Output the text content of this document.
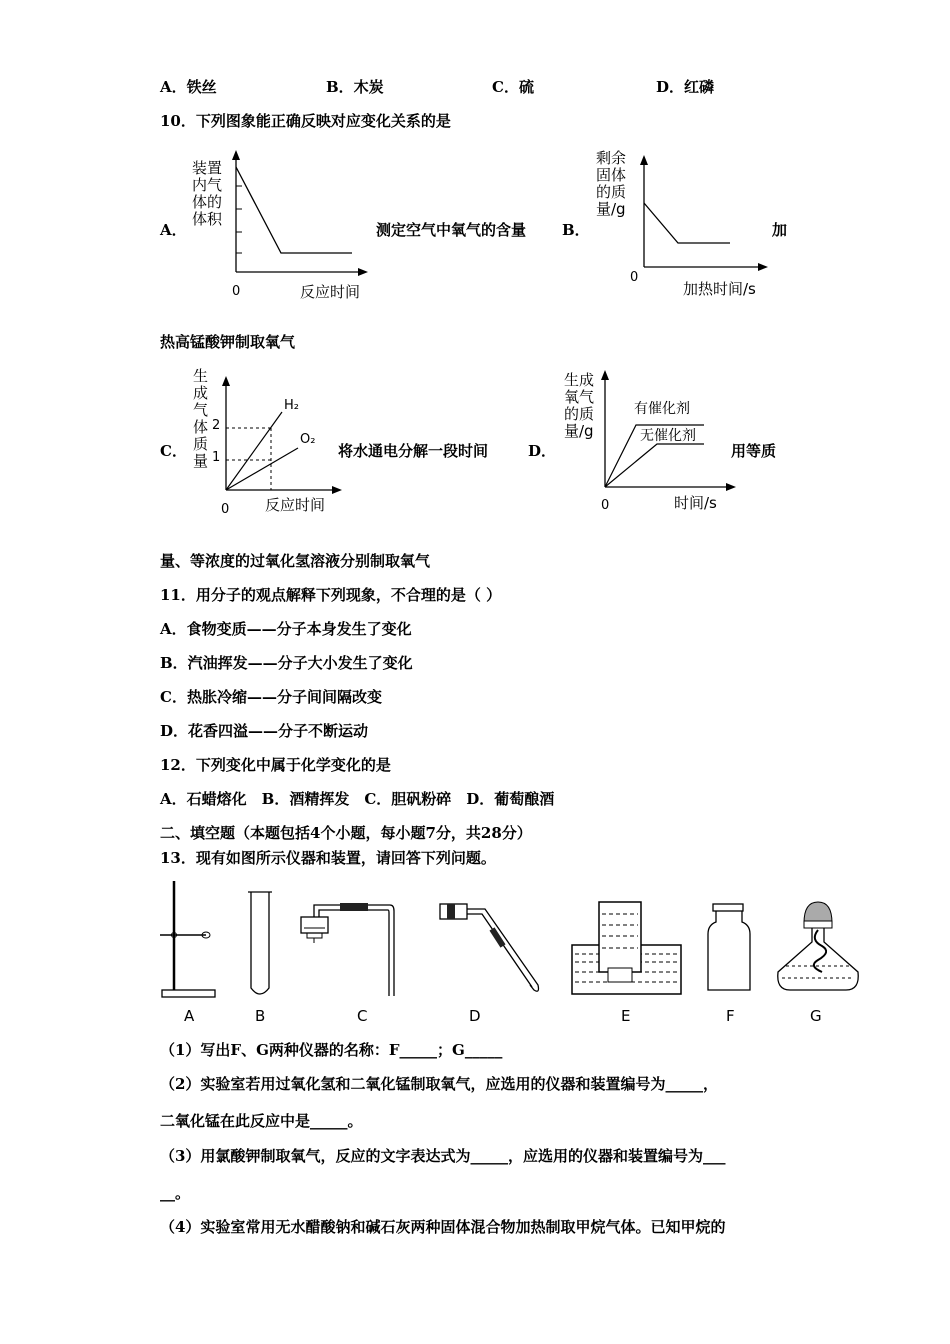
A．铁丝	B．木炭	C．硫	D．红磷
10．下列图象能正确反映对应变化关系的是
A．
装置
内气
体的
体积
0	反应时间
测定空气中氧气的含量 B．
剩余
固体
的质
量/g
0
加热时间/s
加
热高锰酸钾制取氧气
C．
生
成
气
体
质
量
2
1
H₂
O₂
0 反应时间
将水通电分解一段时间	D．
生成
氧气
的质
量/g
有催化剂
无催化剂
0	时间/s
用等质
量、等浓度的过氧化氢溶液分别制取氧气
11．用分子的观点解释下列现象，不合理的是（ ）
A．食物变质——分子本身发生了变化
B．汽油挥发——分子大小发生了变化
C．热胀冷缩——分子间间隔改变
D．花香四溢——分子不断运动
12．下列变化中属于化学变化的是
A．石蜡熔化　B．酒精挥发　C．胆矾粉碎　D．葡萄酿酒
二、填空题（本题包括4个小题，每小题7分，共28分）
13．现有如图所示仪器和装置，请回答下列问题。
A	B	C	D	E	F	G
（1）写出F、G两种仪器的名称：F_____；G_____
（2）实验室若用过氧化氢和二氧化锰制取氧气，应选用的仪器和装置编号为_____，
二氧化锰在此反应中是_____。
（3）用氯酸钾制取氧气，反应的文字表达式为_____，应选用的仪器和装置编号为___
__。
（4）实验室常用无水醋酸钠和碱石灰两种固体混合物加热制取甲烷气体。已知甲烷的
